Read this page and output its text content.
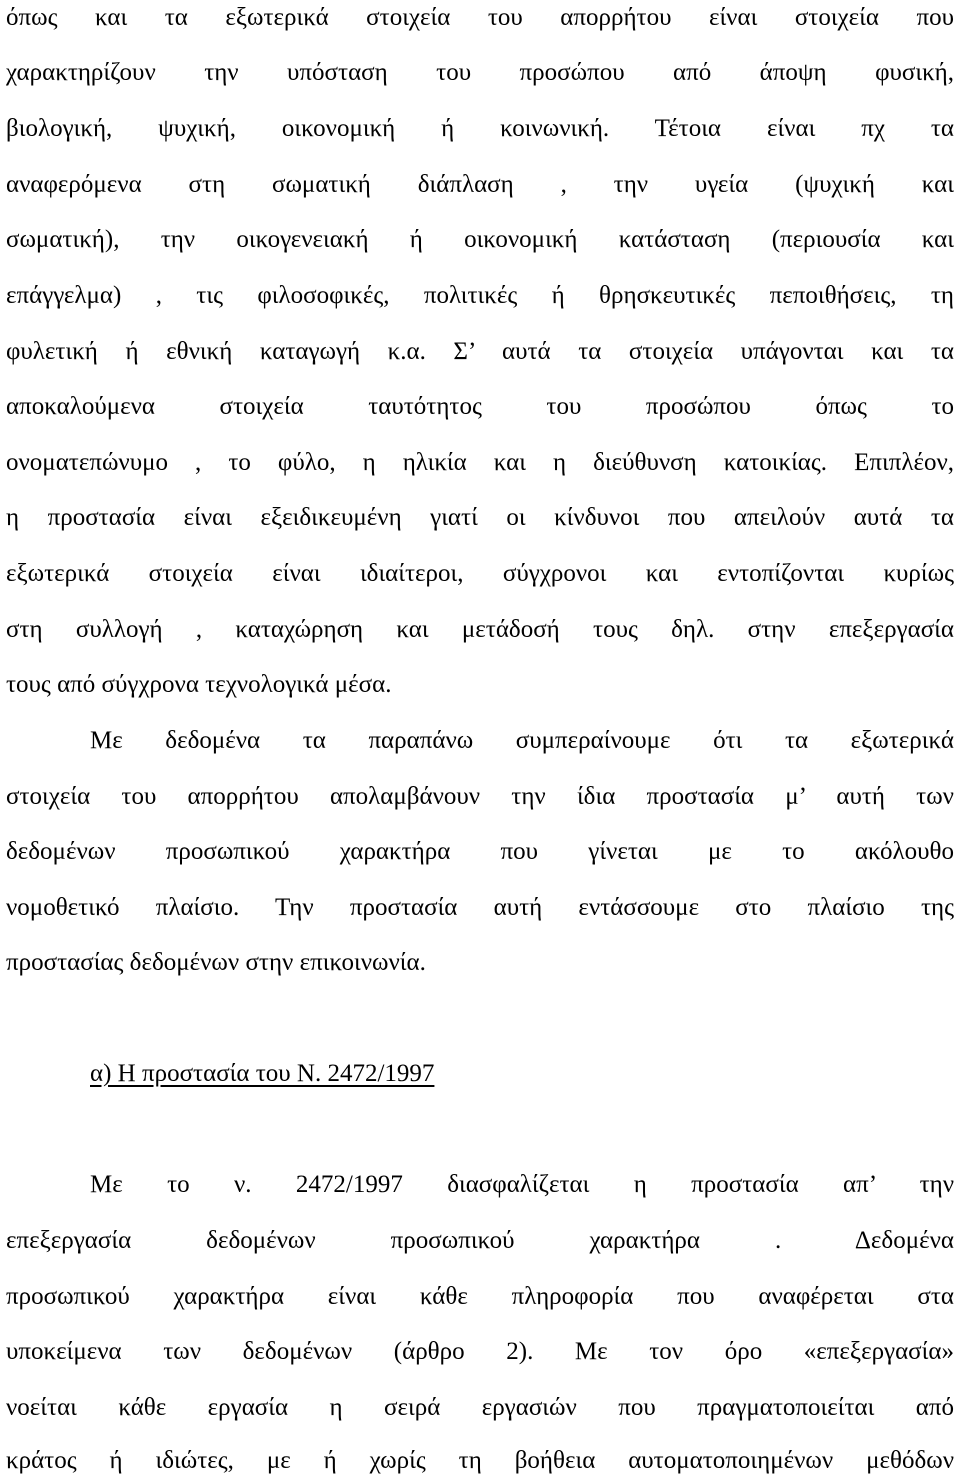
όπως και τα εξωτερικά στοιχεία του απορρήτου είναι στοιχεία που
χαρακτηρίζουν την υπόσταση του προσώπου από άποψη φυσική,
βιολογική, ψυχική, οικονομική ή κοινωνική. Τέτοια είναι πχ τα
αναφερόμενα στη σωματική διάπλαση , την υγεία (ψυχική και
σωματική), την οικογενειακή ή οικονομική κατάσταση (περιουσία και
επάγγελμα) , τις φιλοσοφικές, πολιτικές ή θρησκευτικές πεποιθήσεις, τη
φυλετική ή εθνική καταγωγή κ.α. Σ’ αυτά τα στοιχεία υπάγονται και τα
αποκαλούμενα στοιχεία ταυτότητος του προσώπου όπως το
ονοματεπώνυμο , το φύλο, η ηλικία και η διεύθυνση κατοικίας. Επιπλέον,
η προστασία είναι εξειδικευμένη γιατί οι κίνδυνοι που απειλούν αυτά τα
εξωτερικά στοιχεία είναι ιδιαίτεροι, σύγχρονοι και εντοπίζονται κυρίως
στη συλλογή , καταχώρηση και μετάδοσή τους δηλ. στην επεξεργασία
τους από σύγχρονα τεχνολογικά μέσα.
Με δεδομένα τα παραπάνω συμπεραίνουμε ότι τα εξωτερικά
στοιχεία του απορρήτου απολαμβάνουν την ίδια προστασία μ’ αυτή των
δεδομένων προσωπικού χαρακτήρα που γίνεται με το ακόλουθο
νομοθετικό πλαίσιο. Την προστασία αυτή εντάσσουμε στο πλαίσιο της
προστασίας δεδομένων στην επικοινωνία.
α) Η προστασία του Ν. 2472/1997
Με το ν. 2472/1997 διασφαλίζεται η προστασία απ’ την
επεξεργασία δεδομένων προσωπικού χαρακτήρα . Δεδομένα
προσωπικού χαρακτήρα είναι κάθε πληροφορία που αναφέρεται στα
υποκείμενα των δεδομένων (άρθρο 2). Με τον όρο «επεξεργασία»
νοείται κάθε εργασία η σειρά εργασιών που πραγματοποιείται από
κράτος ή ιδιώτες, με ή χωρίς τη βοήθεια αυτοματοποιημένων μεθόδων
